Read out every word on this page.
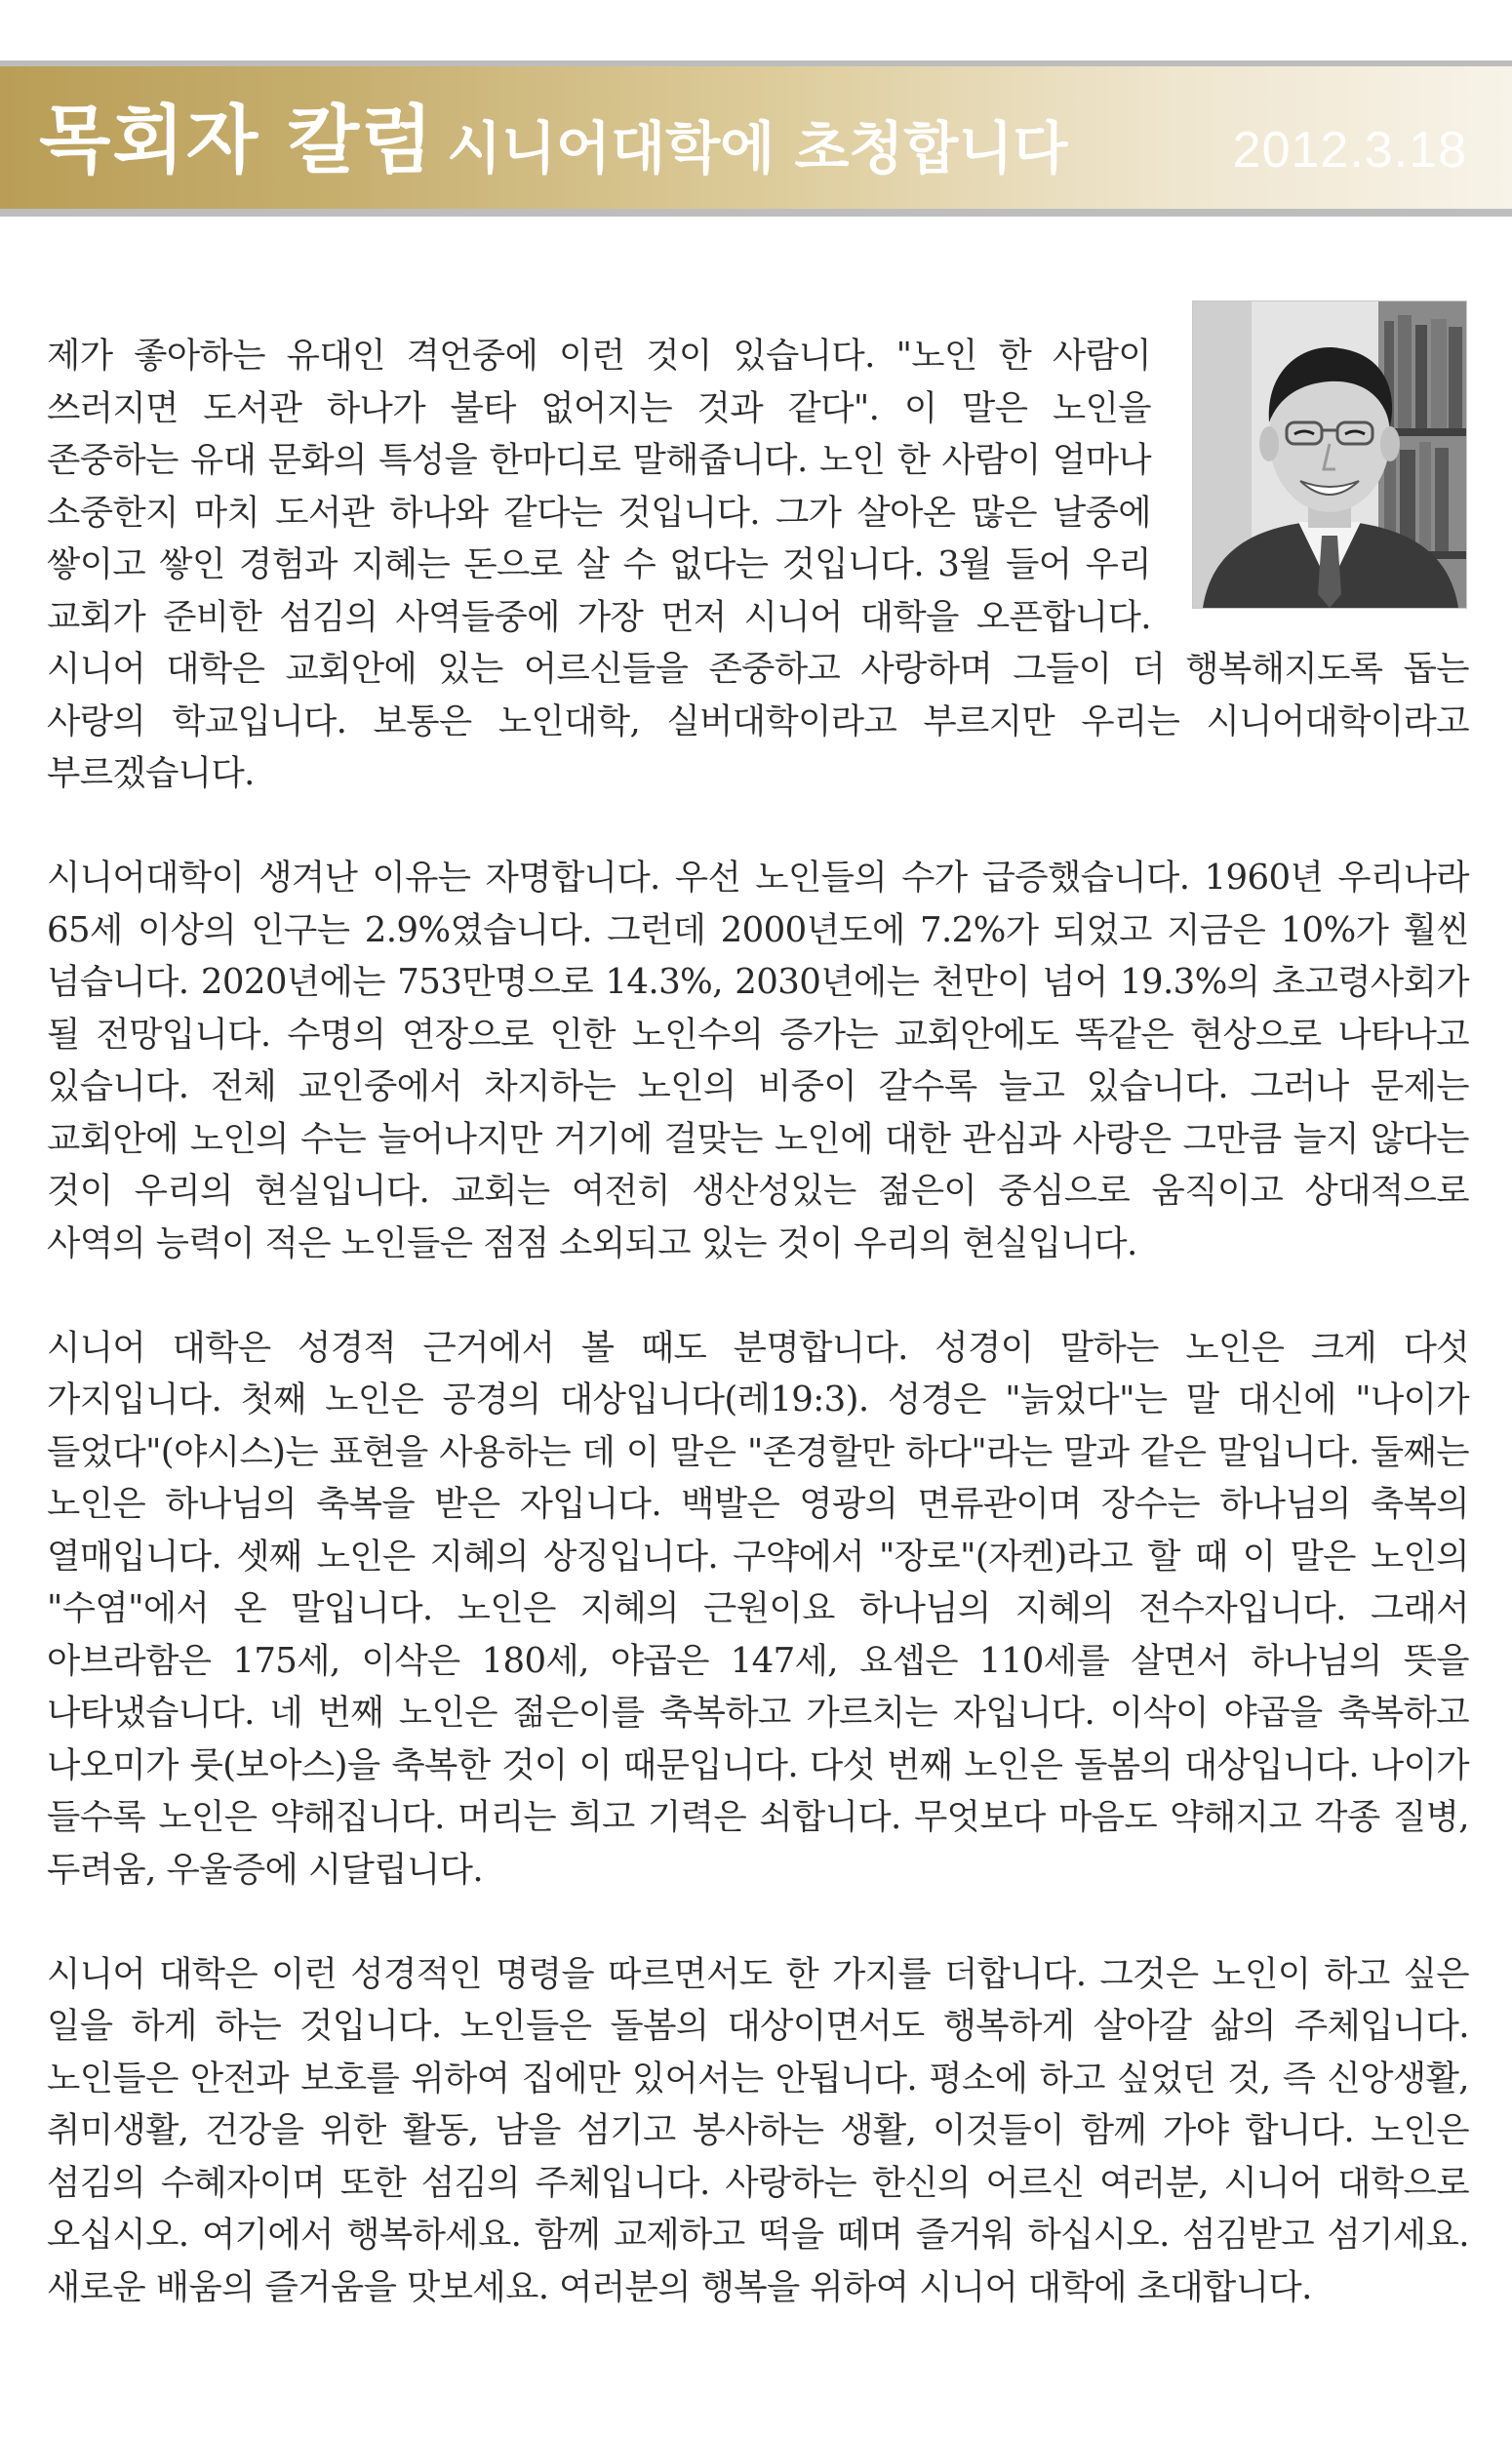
목회자 칼럼 시니어대학에 초청합니다	2012.3.18

제가 좋아하는 유대인 격언중에 이런 것이 있습니다. "노인 한 사람이 쓰러지면 도서관 하나가 불타 없어지는 것과 같다". 이 말은 노인을 존중하는 유대 문화의 특성을 한마디로 말해줍니다. 노인 한 사람이 얼마나 소중한지 마치 도서관 하나와 같다는 것입니다. 그가 살아온 많은 날중에 쌓이고 쌓인 경험과 지혜는 돈으로 살 수 없다는 것입니다. 3월 들어 우리 교회가 준비한 섬김의 사역들중에 가장 먼저 시니어 대학을 오픈합니다. 시니어 대학은 교회안에 있는 어르신들을 존중하고 사랑하며 그들이 더 행복해지도록 돕는 사랑의 학교입니다. 보통은 노인대학, 실버대학이라고 부르지만 우리는 시니어대학이라고 부르겠습니다.

시니어대학이 생겨난 이유는 자명합니다. 우선 노인들의 수가 급증했습니다. 1960년 우리나라 65세 이상의 인구는 2.9%였습니다. 그런데 2000년도에 7.2%가 되었고 지금은 10%가 훨씬 넘습니다. 2020년에는 753만명으로 14.3%, 2030년에는 천만이 넘어 19.3%의 초고령사회가 될 전망입니다. 수명의 연장으로 인한 노인수의 증가는 교회안에도 똑같은 현상으로 나타나고 있습니다. 전체 교인중에서 차지하는 노인의 비중이 갈수록 늘고 있습니다. 그러나 문제는 교회안에 노인의 수는 늘어나지만 거기에 걸맞는 노인에 대한 관심과 사랑은 그만큼 늘지 않다는 것이 우리의 현실입니다. 교회는 여전히 생산성있는 젊은이 중심으로 움직이고 상대적으로 사역의 능력이 적은 노인들은 점점 소외되고 있는 것이 우리의 현실입니다.

시니어 대학은 성경적 근거에서 볼 때도 분명합니다. 성경이 말하는 노인은 크게 다섯 가지입니다. 첫째 노인은 공경의 대상입니다(레19:3). 성경은 "늙었다"는 말 대신에 "나이가 들었다"(야시스)는 표현을 사용하는 데 이 말은 "존경할만 하다"라는 말과 같은 말입니다. 둘째는 노인은 하나님의 축복을 받은 자입니다. 백발은 영광의 면류관이며 장수는 하나님의 축복의 열매입니다. 셋째 노인은 지혜의 상징입니다. 구약에서 "장로"(자켄)라고 할 때 이 말은 노인의 "수염"에서 온 말입니다. 노인은 지혜의 근원이요 하나님의 지혜의 전수자입니다. 그래서 아브라함은 175세, 이삭은 180세, 야곱은 147세, 요셉은 110세를 살면서 하나님의 뜻을 나타냈습니다. 네 번째 노인은 젊은이를 축복하고 가르치는 자입니다. 이삭이 야곱을 축복하고 나오미가 룻(보아스)을 축복한 것이 이 때문입니다. 다섯 번째 노인은 돌봄의 대상입니다. 나이가 들수록 노인은 약해집니다. 머리는 희고 기력은 쇠합니다. 무엇보다 마음도 약해지고 각종 질병, 두려움, 우울증에 시달립니다.

시니어 대학은 이런 성경적인 명령을 따르면서도 한 가지를 더합니다. 그것은 노인이 하고 싶은 일을 하게 하는 것입니다. 노인들은 돌봄의 대상이면서도 행복하게 살아갈 삶의 주체입니다. 노인들은 안전과 보호를 위하여 집에만 있어서는 안됩니다. 평소에 하고 싶었던 것, 즉 신앙생활, 취미생활, 건강을 위한 활동, 남을 섬기고 봉사하는 생활, 이것들이 함께 가야 합니다. 노인은 섬김의 수혜자이며 또한 섬김의 주체입니다. 사랑하는 한신의 어르신 여러분, 시니어 대학으로 오십시오. 여기에서 행복하세요. 함께 교제하고 떡을 떼며 즐거워 하십시오. 섬김받고 섬기세요. 새로운 배움의 즐거움을 맛보세요. 여러분의 행복을 위하여 시니어 대학에 초대합니다.
